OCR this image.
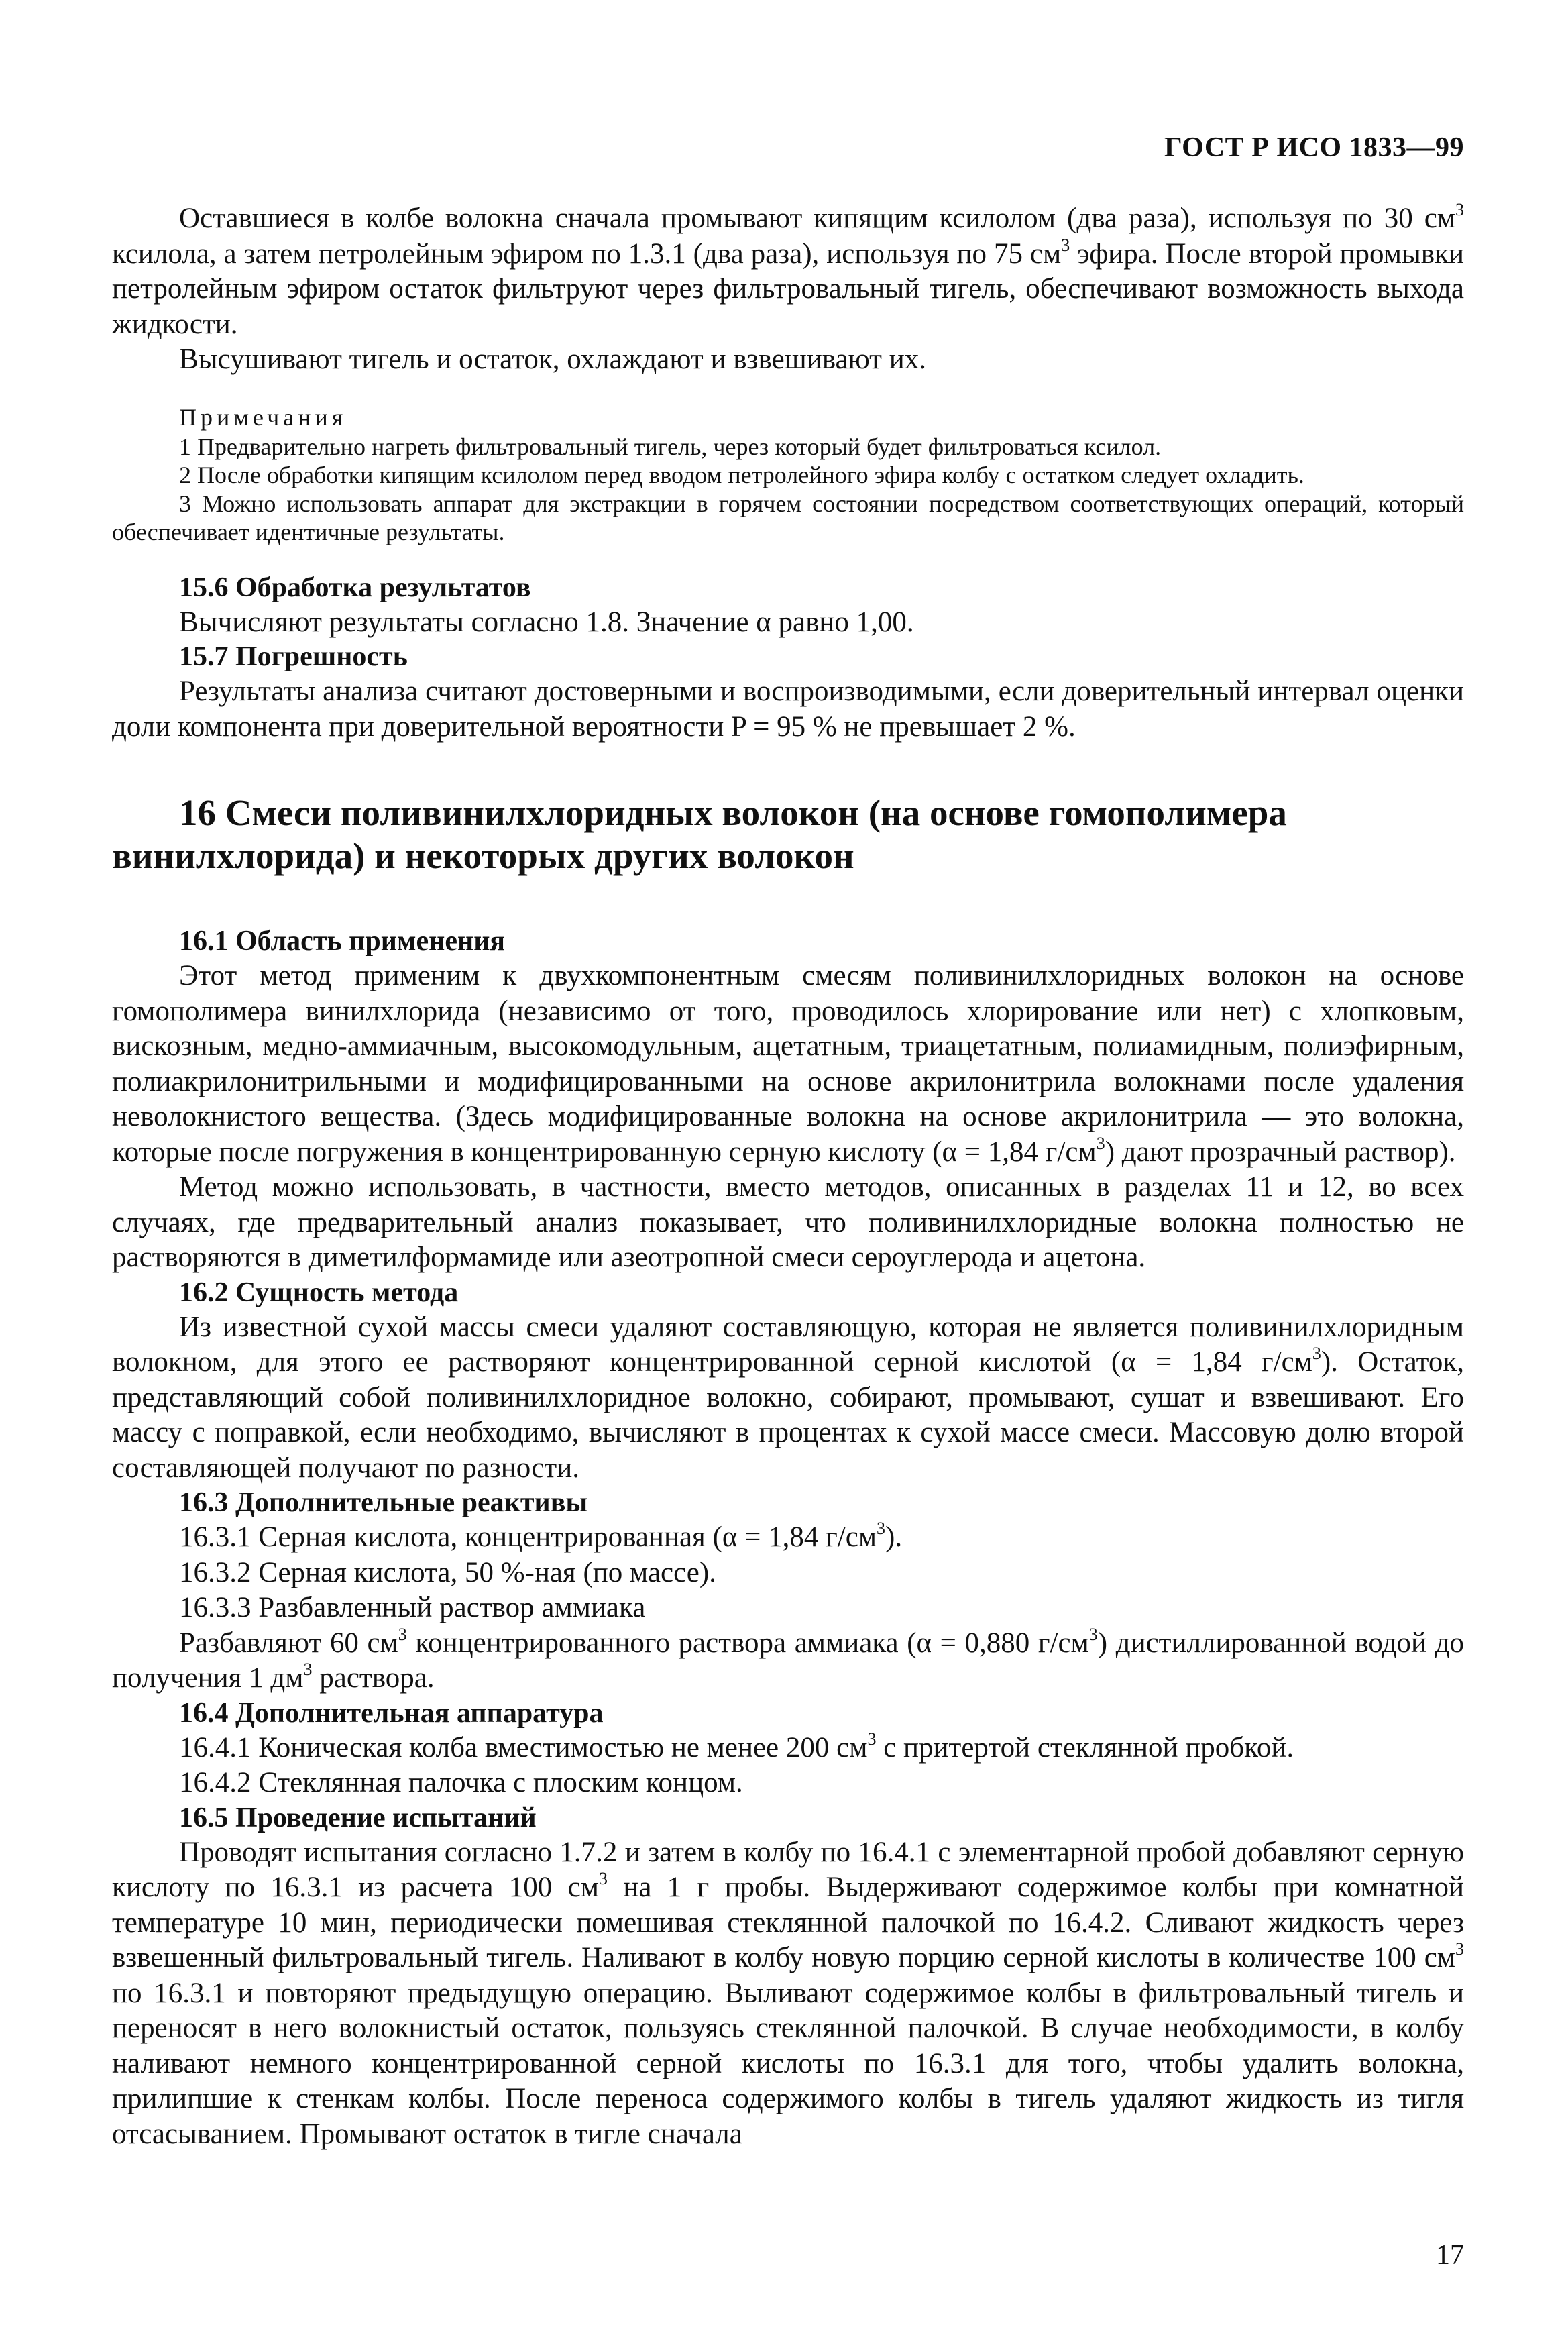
ГОСТ Р ИСО 1833—99

Оставшиеся в колбе волокна сначала промывают кипящим ксилолом (два раза), используя по 30 $см^3$ ксилола, а затем петролейным эфиром по 1.3.1 (два раза), используя по 75 $см^3$ эфира. После второй промывки петролейным эфиром остаток фильтруют через фильтровальный тигель, обеспечивают возможность выхода жидкости.

Высушивают тигель и остаток, охлаждают и взвешивают их.

Примечания

1 Предварительно нагреть фильтровальный тигель, через который будет фильтроваться ксилол.

2 После обработки кипящим ксилолом перед вводом петролейного эфира колбу с остатком следует охладить.

3 Можно использовать аппарат для экстракции в горячем состоянии посредством соответствующих операций, который обеспечивает идентичные результаты.

15.6 Обработка результатов

Вычисляют результаты согласно 1.8. Значение α равно 1,00.

15.7 Погрешность

Результаты анализа считают достоверными и воспроизводимыми, если доверительный интервал оценки доли компонента при доверительной вероятности P = 95 % не превышает 2 %.

16 Смеси поливинилхлоридных волокон (на основе гомополимера винилхлорида) и некоторых других волокон
16.1 Область применения

Этот метод применим к двухкомпонентным смесям поливинилхлоридных волокон на основе гомополимера винилхлорида (независимо от того, проводилось хлорирование или нет) с хлопковым, вискозным, медно-аммиачным, высокомодульным, ацетатным, триацетатным, полиамидным, полиэфирным, полиакрилонитрильными и модифицированными на основе акрилонитрила волокнами после удаления неволокнистого вещества. (Здесь модифицированные волокна на основе акрилонитрила — это волокна, которые после погружения в концентрированную серную кислоту (α = 1,84 $г/см^3$) дают прозрачный раствор).

Метод можно использовать, в частности, вместо методов, описанных в разделах 11 и 12, во всех случаях, где предварительный анализ показывает, что поливинилхлоридные волокна полностью не растворяются в диметилформамиде или азеотропной смеси сероуглерода и ацетона.

16.2 Сущность метода

Из известной сухой массы смеси удаляют составляющую, которая не является поливинилхлоридным волокном, для этого ее растворяют концентрированной серной кислотой (α = 1,84 $г/см^3$). Остаток, представляющий собой поливинилхлоридное волокно, собирают, промывают, сушат и взвешивают. Его массу с поправкой, если необходимо, вычисляют в процентах к сухой массе смеси. Массовую долю второй составляющей получают по разности.

16.3 Дополнительные реактивы

16.3.1 Серная кислота, концентрированная (α = 1,84 $г/см^3$).

16.3.2 Серная кислота, 50 %-ная (по массе).

16.3.3 Разбавленный раствор аммиака

Разбавляют 60 $см^3$ концентрированного раствора аммиака (α = 0,880 $г/см^3$) дистиллированной водой до получения 1 $дм^3$ раствора.

16.4 Дополнительная аппаратура

16.4.1 Коническая колба вместимостью не менее 200 $см^3$ с притертой стеклянной пробкой.

16.4.2 Стеклянная палочка с плоским концом.

16.5 Проведение испытаний

Проводят испытания согласно 1.7.2 и затем в колбу по 16.4.1 с элементарной пробой добавляют серную кислоту по 16.3.1 из расчета 100 $см^3$ на 1 г пробы. Выдерживают содержимое колбы при комнатной температуре 10 мин, периодически помешивая стеклянной палочкой по 16.4.2. Сливают жидкость через взвешенный фильтровальный тигель. Наливают в колбу новую порцию серной кислоты в количестве 100 $см^3$ по 16.3.1 и повторяют предыдущую операцию. Выливают содержимое колбы в фильтровальный тигель и переносят в него волокнистый остаток, пользуясь стеклянной палочкой. В случае необходимости, в колбу наливают немного концентрированной серной кислоты по 16.3.1 для того, чтобы удалить волокна, прилипшие к стенкам колбы. После переноса содержимого колбы в тигель удаляют жидкость из тигля отсасыванием. Промывают остаток в тигле сначала

17
